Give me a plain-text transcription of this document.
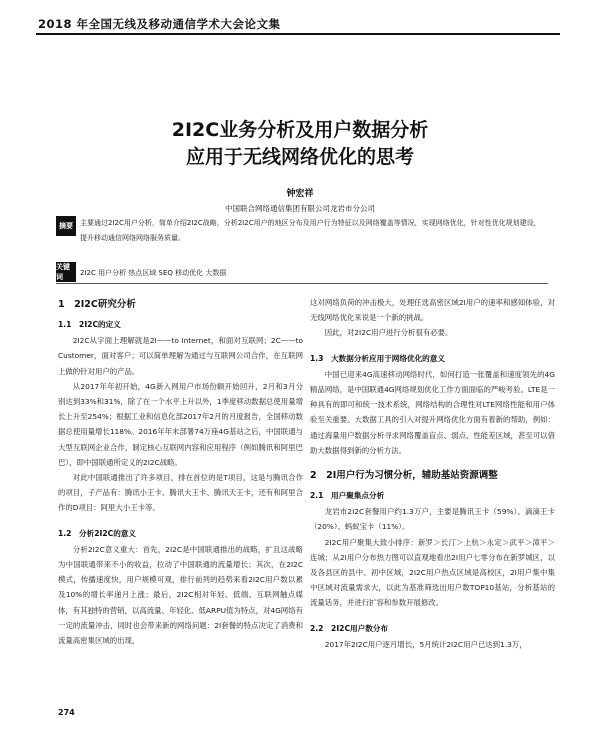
2018 年全国无线及移动通信学术大会论文集
2I2C业务分析及用户数据分析
应用于无线网络优化的思考
钟宏祥
中国联合网络通信集团有限公司龙岩市分公司
摘要	主要通过2I2C用户分析，简单介绍2I2C战略，分析2I2C用户的地区分布及用户行为特征以及网络覆盖等情况，实现网络优化，针对性优化规划建设，提升移动通信网络网络服务质量。
关键词	2I2C 用户分析 热点区域 SEQ 移动优化 大数据
1　2I2C研究分析
1.1　2I2C的定义
2I2C从字面上理解就是2I——to Internet，和面对互联网；2C——to Customer，面对客户；可以简单理解为通过与互联网公司合作，在互联网上做的针对用户的产品。
从2017年年初开始，4G新入网用户市场份额开始回升，2月和3月分别达到33%和31%，除了在一个水平上升以外，1季度移动数据总使用量增长上升至254%；根据工业和信息化部2017年2月的月度报告，全国移动数据总使用量增长118%。2016年年末部署74万座4G基站之后，中国联通与大型互联网企业合作，制定核心互联网内容和应用程序（例如腾讯和阿里巴巴），即中国联通所定义的2I2C战略。
对此中国联通推出了许多项目，排在首位的是T项目，这是与腾讯合作的项目，子产品有：腾讯小王卡、腾讯大王卡、腾讯天王卡，还有和阿里合作的D项目：阿里大小王卡等。
1.2　分析2I2C的意义
分析2I2C意义重大：首先，2I2C是中国联通推出的战略，扩且这战略为中国联通带来不小的收益，拉动了中国联通的流量增长；其次，在2I2C模式，传播速度快，用户规模可观，排行前列的趋势来看2I2C用户数以累及10%的增长率递月上涨；最后，2I2C相对年轻、低端、互联网触点媒体，有其独特的营销，以高流量、年轻化、低ARPU值为特点，对4G网络有一定的流量冲击，同时也会带来新的网络问题：2I套餐的特点决定了消费和流量高密集区域的出现，
这对网络负荷的冲击极大，处理任选高密区域2I用户的速率和感知体验，对无线网络优化来说是一个新的挑战。
因此，对2I2C用户进行分析很有必要。
1.3　大数据分析应用于网络优化的意义
中国已迎来4G高速移动网络时代，如何打造一张覆盖和速度领先的4G精品网络，是中国联通4G网络规划优化工作方面面临的严峻考验。LTE是一种具有的即可和统一技术系统，网络结构的合理性对LTE网络性能和用户体验至关重要。大数据工具的引入对提升网络优化方面有着新的帮助，例如：通过海量用户数据分析寻求网络覆盖盲点、弱点、性能差区域，甚至可以借助大数据得到新的分析方法。
2　2I用户行为习惯分析，辅助基站资源调整
2.1　用户聚集点分析
龙岩市2I2C套餐用户约1.3万户，主要是腾讯王卡（59%）、滴滴王卡（20%）、蚂蚁宝卡（11%）。
2I2C用户聚集大致小排序：新罗＞长汀＞上杭＞永定＞武平＞漳平＞连城；从2I用户分布热力图可以直观地看出2I用户七零分布在新罗城区，以及各县区的县中、初中区域，2I2C用户热点区域是高校区，2I用户集中集中区域对流量需求大，以此为基准筛选出用户数TOP10基站，分析基站的流量话务，并进行扩容和参数开展修改。
2.2　2I2C用户数分布
2017年2I2C用户逐月增长，5月统计2I2C用户已达到1.3万，
274
